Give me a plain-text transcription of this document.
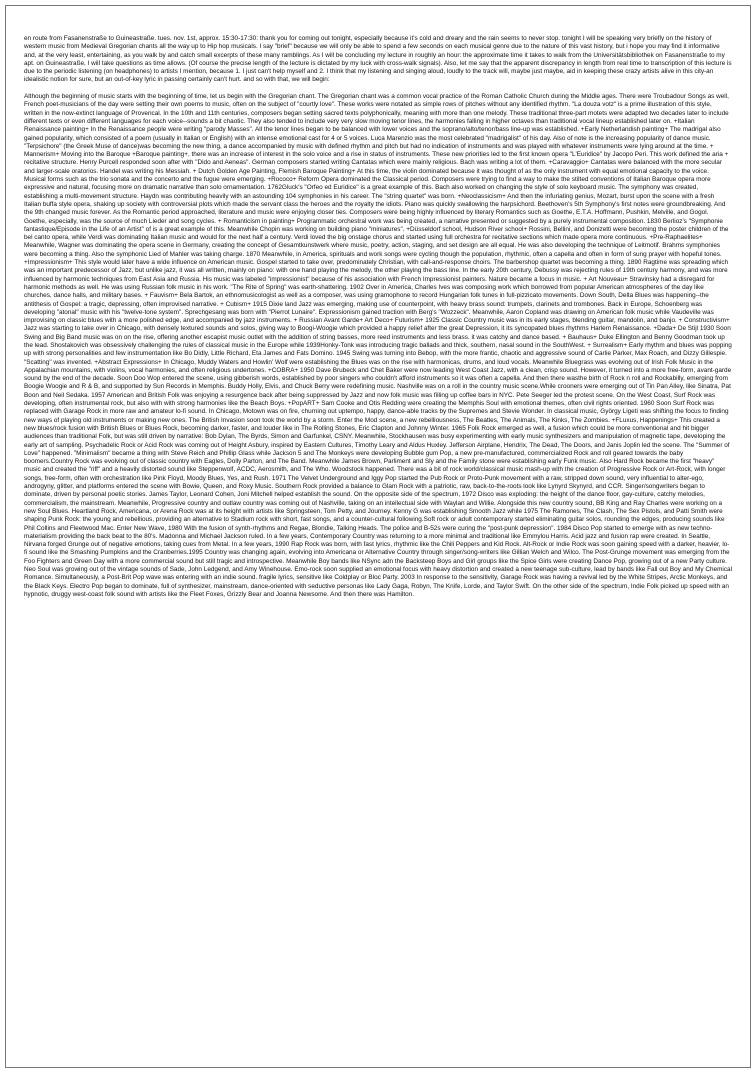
en route from Fasanenstraße to Guineastraße. tues. nov. 1st, approx. 15:30-17:30: thank you for coming out tonight, especially because it's cold and dreary and the rain seems to never stop. tonight I will be speaking very briefly on the history of western music from Medieval Gregorian chants all the way up to Hip hop musicals. I say "brief" because we will only be able to spend a few seconds on each musical genre due to the nature of this vast history, but i hope you may find it informative and, at the very least, entertaining, as you walk by and catch small excerpts of these many ramblings. As I will be concluding my lecture in roughly an hour: the approximate time it takes to walk from the Universitätsbibliothek on Fasanenstraße to my apt. on Guineastraße, I will take questions as time allows. (Of course the precise length of the lecture is dictated by my luck with cross-walk signals). Also, let me say that the apparent discrepancy in length from real time to transcription of this lecture is due to the periodic listening (on headphones) to artists I mention, because 1. I just can't help myself and 2. I think that my listening and singing aloud, loudly to the track will, maybe just maybe, aid in keeping these crazy artists alive in this city-an idealistic notion for sure, but an out-of-key lyric in passing certainly can't hurt. and so with that, we will begin:

Although the beginning of music starts with the beginning of time, let us begin with the Gregorian chant. The Gregorian chant was a common vocal practice of the Roman Catholic Church during the Middle ages. There were Troubadour Songs as well, French poet-musicians of the day were setting their own poems to music, often on the subject of "courtly love". These works were notated as simple rows of pitches without any identified rhythm. "La douza votz" is a prime illustration of this style, written in the now-extinct language of Provencal. In the 10th and 11th centuries, composers began setting sacred texts polyphonically, meaning with more than one melody. These traditional three-part motets were adapted two decades later to include different texts or even different languages for each voice--sounds a bit chaotic. They also tended to include very very slow moving tenor lines, the harmonies falling in higher octaves than traditional vocal lineup established later on. +Italian Renaissance painting+ In the Renaissance people were writing "parody Masses". All the tenor lines began to be balanced with lower voices and the soprano/alto/tenor/bass line-up was established. +Early Netherlandish painting+ The madrigal also gained popularity, which consisted of a poem (usually in Italian or English) with an intense emotional cast for 4 or 5 voices. Luca Marenzio was the most celebrated "madrigalist" of his day. Also of note is the increasing popularity of dance music. "Terpsichore" (the Greek Muse of dance)was becoming the new thing, a dance accompanied by music with defined rhythm and pitch but had no indication of instruments and was played with whatever instruments were lying around at the time. + Mannerism+ Moving into the Baroque +Baroque painting+, there was an increase of interest in the solo voice and a rise in status of instruments. These new priorities led to the first known opera "L'Euridice" by Jacopo Peri. This work defined the aria + recitative structure. Henry Purcell responded soon after with "Dido and Aeneas". German composers started writing Cantatas which were mainly religious. Bach was writing a lot of them. +Caravaggio+ Cantatas were balanced with the more secular and larger-scale oratorios. Handel was writing his Messiah. + Dutch Golden Age Painting, Flemish Baroque Painting+ At this time, the violin dominated because it was thought of as the only instrument with equal emotional capacity to the voice. Musical forms such as the trio sonata and the concerto and the fugue were emerging. +Rococo+ Reform Opera dominated the Classical period. Composers were trying to find a way to make the stilted conventions of Italian Baroque opera more expressive and natural, focusing more on dramatic narrative than solo ornamentation. 1762Gluck's "Orfeo ed Euridice" is a great example of this. Bach also worked on changing the style of solo keyboard music. The symphony was created, establishing a multi-movement structure. Haydn was contributing heavily with an astounding 104 symphonies in his career. The "string quartet" was born. +Neoclassicism+ And then the infuriating genius, Mozart, burst upon the scene with a fresh Italian buffa style opera, shaking up society with controversial plots which made the servant class the heroes and the royalty the idiots. Piano was quickly swallowing the harpsichord. Beethoven's 5th Symphony's first notes were groundbreaking. And the 9th changed music forever. As the Romantic period approached, literature and music were enjoying closer ties. Composers were being highly influenced by literary Romantics such as Goethe, E.T.A. Hoffmann, Pushkin, Melville, and Gogol. Goethe, especially, was the source of much Lieder and song cycles. + Romanticism in painting+ Programmatic orchestral work was being created, a narrative presented or suggested by a purely instrumental composition. 1830 Berlioz's "Symphonie fantastique/Episode in the Life of an Artist" of is a great example of this. Meanwhile Chopin was working on building piano "miniatures". +Düsseldorf school, Hudson River school+ Rossini, Bellini, and Donizetti were becoming the poster children of the bel canto opera, while Verdi was dominating Italian music and would for the next half a century. Verdi loved the big onstage chorus and started using full orchestra for recitative sections which made opera more continuous. +Pre-Raphaelites+ Meanwhile, Wagner was dominating the opera scene in Germany, creating the concept of Gesamtkunstwerk where music, poetry, action, staging, and set design are all equal. He was also developing the technique of Leitmotif. Brahms symphonies were becoming a thing. Also the symphonic Lied of Mahler was taking charge. 1870 Meanwhile, in America, spirituals and work songs were cycling though the population, rhythmic, often a capella and often in form of sung prayer with hopeful tones. +Impressionism+ This style would later have a wide influence on American music. Gospel started to take over, predominately Christian, with call-and-response choirs. The barbershop quartet was becoming a thing. 1890 Ragtime was spreading which was an important predecessor of Jazz, but unlike jazz, it was all written, mainly on piano: with one hand playing the melody, the other playing the bass line. In the early 20th century, Debussy was rejecting rules of 19th century harmony, and was more influenced by harmonic techniques from East Asia and Russia. His music was labeled "impressionist" because of his association with French Impressionist painters. Nature became a focus in music. + Art Nouveau+ Stravinsky had a disregard for harmonic methods as well. He was using Russian folk music in his work. "The Rite of Spring" was earth-shattering. 1902 Over in America, Charles Ives was composing work which borrowed from popular American atmospheres of the day like churches, dance halls, and military bases. + Fauvism+ Bela Bartok, an ethnomusicologist as well as a composer, was using gramophone to record Hungarian folk tunes in full-pizzicato movements. Down South, Delta Blues was happening--the antithesis of Gospel: a tragic, depressing, often improvised narrative. + Cubism+ 1915 Dixie land Jazz was emerging, making use of counterpoint, with heavy brass sound: trumpets, clarinets and trombones. Back in Europe, Schoenberg was developing "atonal" music with his "twelve-tone system". Sprechgesang was born with "Pierrot Lunaire". Expressionism gained traction with Berg's "Wozzeck". Meanwhile, Aaron Copland was drawing on American folk music while Vaudeville was improvising on classic blues with a more polished edge, and accompanied by jazz instruments. + Russian Avant Garde+ Art Deco+ Futurism+ 1925 Classic Country music was in its early stages, blending guitar, mandolin, and banjo. + Constructivism+ Jazz was starting to take over in Chicago, with densely textured sounds and solos, giving way to Boogi-Woogie which provided a happy relief after the great Depression, it its syncopated blues rhythms Harlem Renaissance. +Dada+ De Stijl 1930 Soon Swing and Big Band music was on on the rise, offering another escapist music outlet with the addition of string basses, more reed instruments and less brass. it was catchy and dance based. + Bauhaus+ Duke Ellington and Benny Goodman took up the lead. Shostakovich was obsessively challenging the rules of classical music in the Europe while 1939Honky-Tonk was introducing tragic ballads and thick, southern, nasal sound in the SouthWest. + Surrealism+ Early rhythm and blues was popping up with strong personalities and few instrumentation like Bo Didly, Little Richard, Eta James and Fats Domino. 1945 Swing was turning into Bebop, with the more frantic, chaotic and aggressive sound of Carlie Parker, Max Roach, and Dizzy Gillespie. "Scatting" was invented. +Abstract Expressions+ In Chicago, Muddy Waters and Howlin' Wolf were establishing the Blues was on the rise with harmonicas, drums, and loud vocals. Meanwhile Bluegrass was evolving out of Irish Folk Music in the Appalachian mountains, with violins, vocal harmonies, and often religious undertones. +COBRA+ 1950 Dave Brubeck and Chet Baker were now leading West Coast Jazz, with a clean, crisp sound. However, it turned into a more free-form, avant-garde sound by the end of the decade. Soon Doo Wop entered the scene, using gibberish words, established by poor singers who couldn't afford instruments so it was often a capella. And then there wasthe birth of Rock n roll and Rockabilly, emerging from Boogie Woogie and R & B, and supported by Sun Records in Memphis. Buddy Holly, Elvis, and Chuck Berry were redefining music. Nashville was on a roll in the country music scene.While crooners were emerging out of Tin Pan Alley, like Sinatra, Pat Boon and Neil Sedaka. 1957 American and British Folk was enjoying a resurgence back after being suppressed by Jazz and now folk music was filling up coffee bars in NYC. Pete Seeger led the protest scene. On the West Coast, Surf Rock was developing, often instrumental rock, but also with with strong harmonies like the Beach Boys. +PopART+ Sam Cooke and Otis Redding were creating the Memphis Soul with emotional themes, often civil rights oriented. 1960 Soon Surf Rock was replaced with Garage Rock in more raw and amateur lo-fi sound. In Chicago, Motown was on fire, churning out uptempo, happy, dance-able tracks by the Supremes and Stevie Wonder. In classical music, György Ligeti was shifting the focus to finding new ways of playing old instruments or making new ones. The British Invasion soon took the world by a storm. Enter the Mod scene, a new rebelliousness, The Beatles, The Animals, The Kinks, The Zombies. +FLuxus, Happenings+ This created a new blues/rock fusion with British Blues or Blues Rock, becoming darker, faster, and louder like in The Rolling Stones, Eric Clapton and Johnny Winter. 1965 Folk Rock emerged as well, a fusion which could be more conventional and hit bigger audiences than traditional Folk, but was still driven by narrative: Bob Dylan, The Byrds, Simon and Garfunkel, CSNY. Meanwhile, Stockhausen was busy experimenting with early music synthesizers and manipulation of magnetic tape, developing the early art of sampling. Psychadelic Rock or Acid Rock was coming out of Height Asbury, inspired by Eastern Cultures, Timothy Leary and Aldus Huxley. Jefferson Airplane, Hendrix, The Dead, The Doors, and Janis Joplin led the scene. The "Summer of Love" happened. "Minimalism" became a thing with Steve Reich and Phillip Glass while Jackson 5 and The Monkeys were developing Bubble gum Pop, a new pre-manufactured, commercialized Rock and roll geared towards the baby boomers.Country Rock was evolving out of classic country with Eagles, Dolly Parton, and The Band. Meanwhile James Brown, Parliment and Sly and the Family stone were establishing early Funk music. Also Hard Rock became the first "heavy" music and created the "riff" and a heavily distorted sound like Steppenwolf, ACDC, Aerosmith, and The Who. Woodstock happened. There was a bit of rock world/classical music mash-up with the creation of Progressive Rock or Art-Rock, with longer songs, free-form, often with orchestration like Pink Floyd, Moody Blues, Yes, and Rush. 1971 The Velvet Underground and Iggy Pop started the Pub Rock or Proto-Punk movement with a raw, stripped down sound, very influential to alter-ego, androgyny, glitter, and platforms entered the scene with Bowie, Queen, and Roxy Music. Southern Rock provided a balance to Glam Rock with a patriotic, raw, back-to-the-roots look like Lynyrd Skynyrd, and CCR. Singer/songwriters began to dominate, driven by personal poetic stories. James Taylor, Leonard Cohen, Joni Mitchell helped establish the sound. On the opposite side of the spectrum, 1972 Disco was exploding: the height of the dance floor, gay-culture, catchy melodies, commercialism, the mainstream. Meanwhile, Progressive country and outlaw country was coming out of Nashville, taking on an intellectual side with Waylan and Willie. Alongside this new country sound, BB King and Ray Charles were working on a new Soul Blues. Heartland Rock, Americana, or Arena Rock was at its height with artists like Springsteen, Tom Petty, and Journey. Kenny G was establishing Smooth Jazz while 1975 The Ramones, The Clash, The Sex Pistols, and Patti Smith were shaping Punk Rock: the young and rebellious, providing an alternative to Stadium rock with short, fast songs, and a counter-cultural following.Soft rock or adult contemporary started eliminating guitar solos, rounding the edges, producing sounds like Phil Collins and Fleetwood Mac. Enter New Wave, 1980 With the fusion of synth-rhythms and Regae, Blondie, Talking Heads. The police and B-52s were curing the "post-punk depression". 1984 Disco Pop started to emerge with as new techno-materialism providing the back beat to the 80's. Madonna and Michael Jackson ruled. In a few years, Contemporary Country was returning to a more minimal and traditional like Emmylou Harris. Acid jazz and fusion rap were created. In Seattle, Nirvana forged Grunge out of negative emotions, taking cues from Metal. In a few years, 1990 Rap Rock was born, with fast lyrics, rhythmic like the Chili Peppers and Kid Rock. Alt-Rock or Indie Rock was soon gaining speed with a darker, heavier, lo-fi sound like the Smashing Pumpkins and the Cranberries.1995 Country was changing again, evolving into Americana or Alternative Country through singer/song-writers like Gillian Welch and Wilco. The Post-Grunge movement was emerging from the Foo Fighters and Green Day with a more commercial sound but still tragic and introspective. Meanwhile Boy bands like NSync adn the Backsteep Boys and Girl groups like the Spice Girls were creating Dance Pop, growing out of a new Party culture. Neo Soul was growing out of the vintage sounds of Sade, John Ledgend, and Amy Winehouse. Emo-rock soon supplied an emotional focus with heavy distortion and created a new teenage sub-culture, lead by bands like Fall out Boy and My Chemical Romance. Simultaneously, a Post-Brit Pop wave was entering with an indie sound. fragile lyrics, sensitive like Coldplay or Bloc Party. 2003 In response to the sensitivity, Garage Rock was having a revival led by the White Stripes, Arctic Monkeys, and the Black Keys. Electro Pop began to dominate, full of synthesizer, mainstream, dance-oriented with seductive personas like Lady Gaga, Robyn, The Knife, Lorde, and Taylor Swift. On the other side of the spectrum, Indie Folk picked up speed with an hypnotic, druggy west-coast folk sound with artists like the Fleet Foxes, Grizzly Bear and Joanna Newsome. And then there was Hamilton.
